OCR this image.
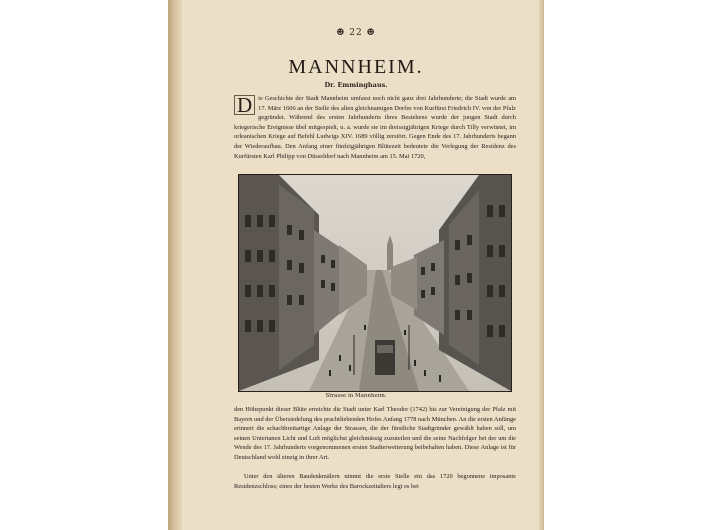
☻ 22 ☻
MANNHEIM.
Dr. Emminghaus.

D ie Geschichte der Stadt Mannheim umfasst noch nicht ganz drei Jahrhunderte; die Stadt wurde am 17. März 1606 an der Stelle des alten gleichnamigen Dorfes von Kurfürst Friedrich IV. von der Pfalz gegründet. Während des ersten Jahrhunderts ihres Bestehens wurde der jungen Stadt durch kriegerische Ereignisse übel mitgespielt, u. a. wurde sie im dreissigjährigen Kriege durch Tilly verwüstet, im orleanischen Kriege auf Befehl Ludwigs XIV. 1689 völlig zerstört. Gegen Ende des 17. Jahrhunderts begann der Wiederaufbau. Den Anfang einer fünfzigjährigen Blütezeit bedeutete die Verlegung der Residenz des Kurfürsten Karl Philipp von Düsseldorf nach Mannheim am 15. Mai 1720,

Strasse in Mannheim.

den Höhepunkt dieser Blüte erreichte die Stadt unter Karl Theodor (1742) bis zur Vereinigung der Pfalz mit Bayern und der Übersiedelung des prachtliebenden Hofes Anfang 1778 nach München. An die ersten Anfänge erinnert die schachbrettartige Anlage der Strassen, die der fürstliche Stadtgründer gewählt haben soll, um seinen Untertanen Licht und Luft möglichst gleichmässig zuzuteilen und die seine Nachfolger bei der um die Wende des 17. Jahrhunderts vorgenommenen ersten Stadterweiterung beibehalten haben. Diese Anlage ist für Deutschland wohl einzig in ihrer Art.

Unter den älteren Baudenkmälern nimmt die erste Stelle ein das 1720 begonnene imposante Residenzschloss; eines der besten Werke des Barockzeitalters legt es bei
